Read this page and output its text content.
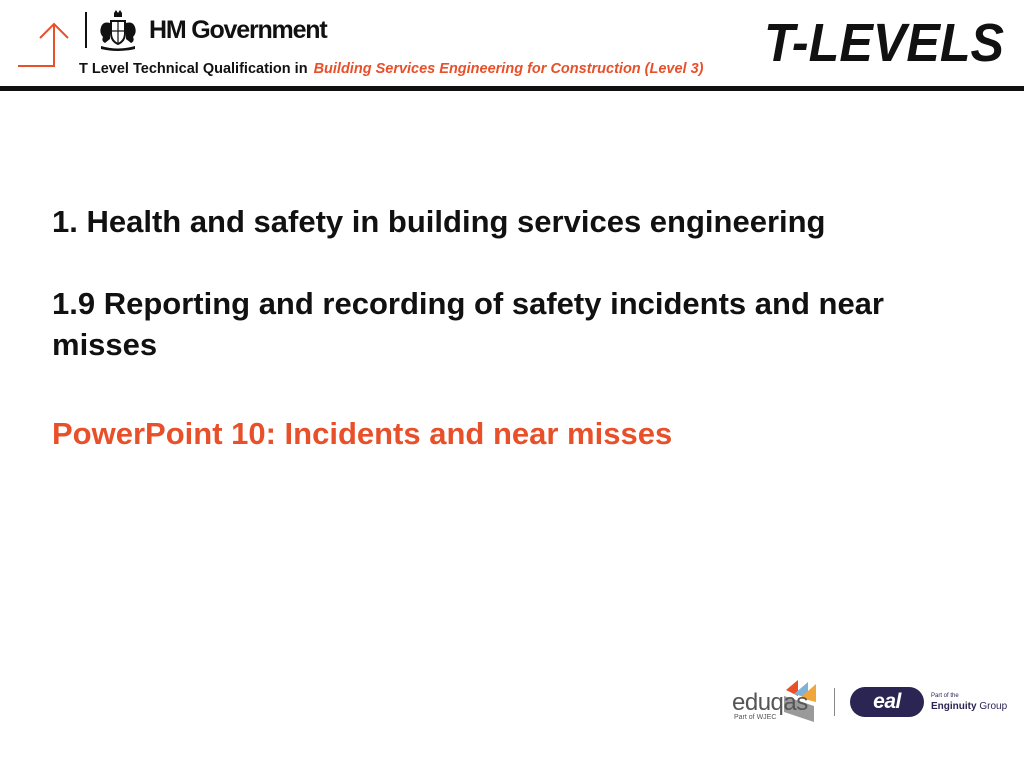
HM Government
T Level Technical Qualification in Building Services Engineering for Construction (Level 3) T-LEVELS
1. Health and safety in building services engineering
1.9 Reporting and recording of safety incidents and near misses
PowerPoint 10: Incidents and near misses
eduqas
Part of WJEC
eal	Part of the
Enginuity Group
